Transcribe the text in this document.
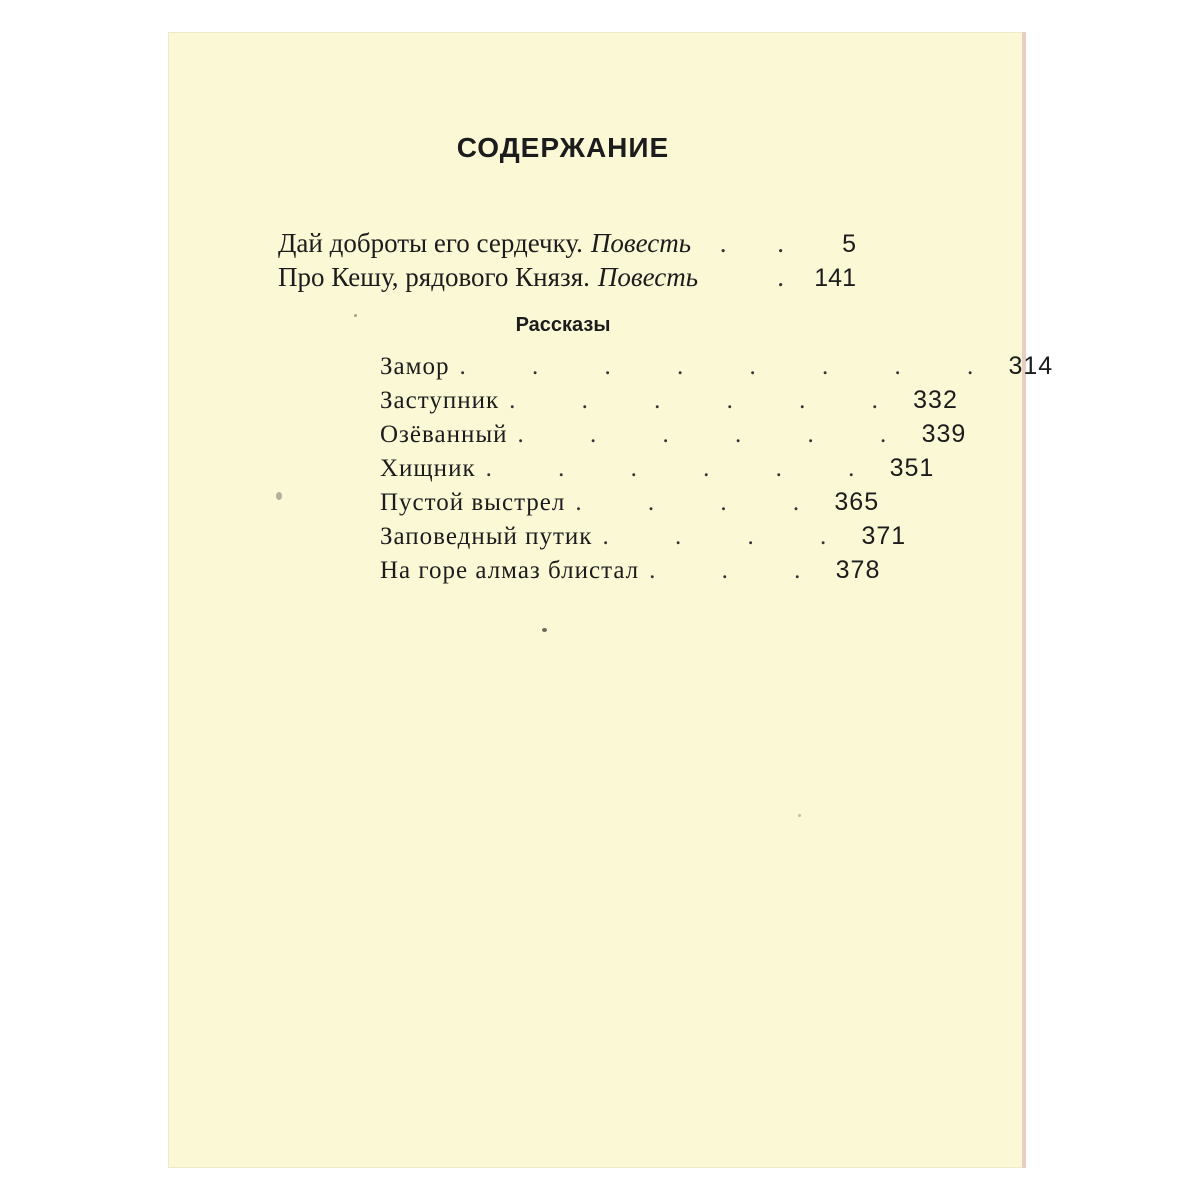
СОДЕРЖАНИЕ
Дай доброты его сердечку. Повесть	. .	5
Про Кешу, рядового Князя. Повесть	. 141
Рассказы
Замор . . . . . . . . 314
Заступник . . . . . . 332
Озёванный . . . . . . 339
Хищник . . . . . . 351
Пустой выстрел . . . . 365
Заповедный путик . . . . 371
На горе алмаз блистал . . . 378
